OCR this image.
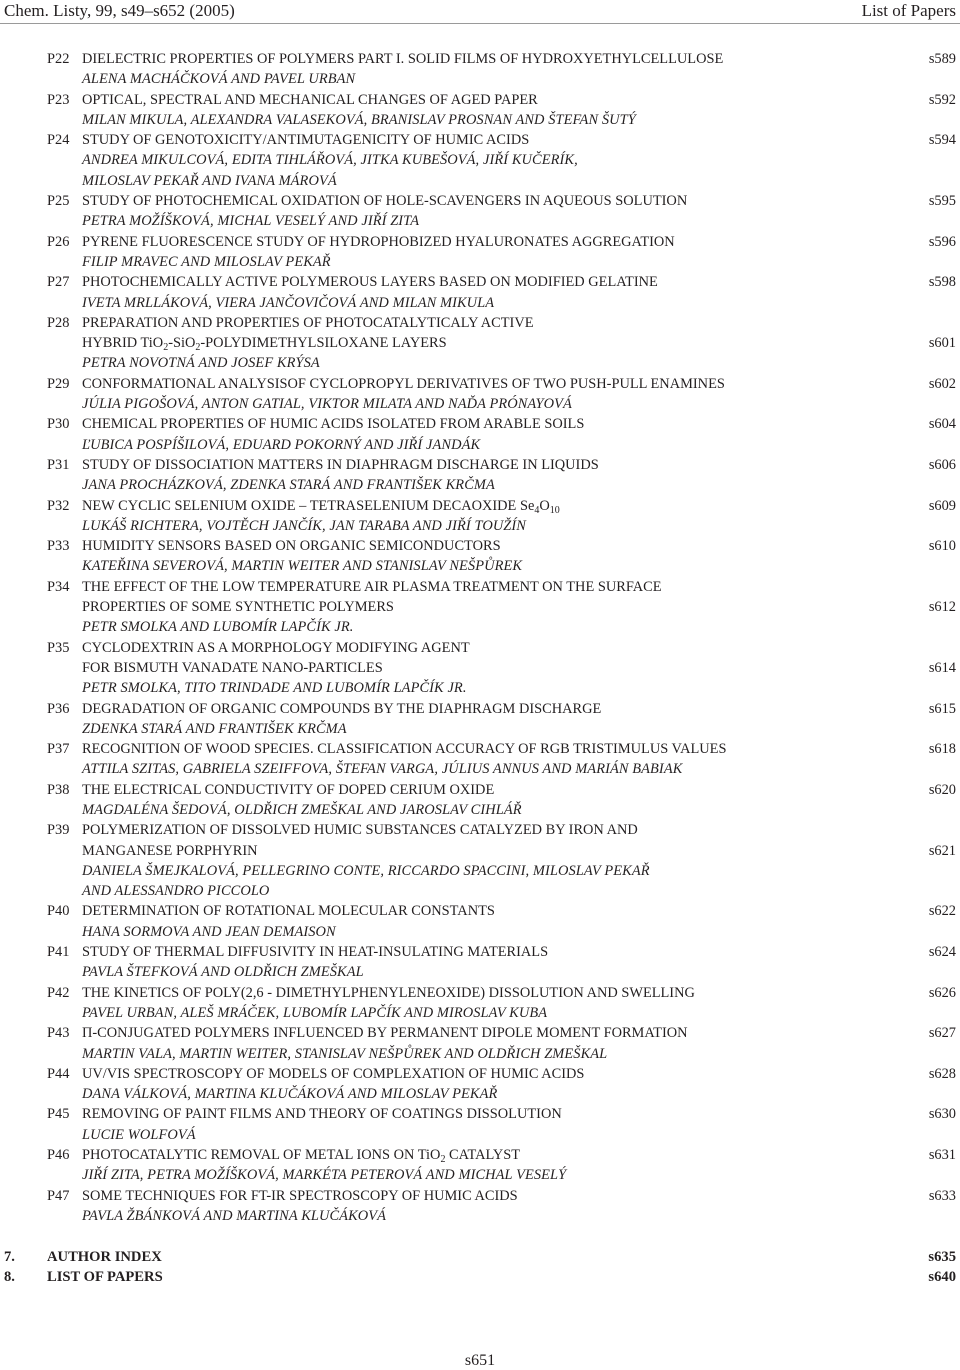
Chem. Listy, 99, s49–s652 (2005)	List of Papers
P22 DIELECTRIC PROPERTIES OF POLYMERS PART I. SOLID FILMS OF HYDROXYETHYLCELLULOSE	s589
ALENA MACHÁČKOVÁ AND PAVEL URBAN
P23 OPTICAL, SPECTRAL AND MECHANICAL CHANGES OF AGED PAPER	s592
MILAN MIKULA, ALEXANDRA VALASEKOVÁ, BRANISLAV PROSNAN AND ŠTEFAN ŠUTÝ
P24 STUDY OF GENOTOXICITY/ANTIMUTAGENICITY OF HUMIC ACIDS	s594
ANDREA MIKULCOVÁ, EDITA TIHLÁŘOVÁ, JITKA KUBEŠOVÁ, JIŘÍ KUČERÍK,
MILOSLAV PEKAŘ AND IVANA MÁROVÁ
P25 STUDY OF PHOTOCHEMICAL OXIDATION OF HOLE-SCAVENGERS IN AQUEOUS SOLUTION	s595
PETRA MOŽÍŠKOVÁ, MICHAL VESELÝ AND JIŘÍ ZITA
P26 PYRENE FLUORESCENCE STUDY OF HYDROPHOBIZED HYALURONATES AGGREGATION	s596
FILIP MRAVEC AND MILOSLAV PEKAŘ
P27 PHOTOCHEMICALLY ACTIVE POLYMEROUS LAYERS BASED ON MODIFIED GELATINE	s598
IVETA MRLLÁKOVÁ, VIERA JANČOVIČOVÁ AND MILAN MIKULA
P28 PREPARATION AND PROPERTIES OF PHOTOCATALYTICALY ACTIVE
HYBRID TiO$_2$-SiO$_2$-POLYDIMETHYLSILOXANE LAYERS	s601
PETRA NOVOTNÁ AND JOSEF KRÝSA
P29 CONFORMATIONAL ANALYSISOF CYCLOPROPYL DERIVATIVES OF TWO PUSH-PULL ENAMINES	s602
JÚLIA PIGOŠOVÁ, ANTON GATIAL, VIKTOR MILATA AND NAĎA PRÓNAYOVÁ
P30 CHEMICAL PROPERTIES OF HUMIC ACIDS ISOLATED FROM ARABLE SOILS	s604
ĽUBICA POSPÍŠILOVÁ, EDUARD POKORNÝ AND JIŘÍ JANDÁK
P31 STUDY OF DISSOCIATION MATTERS IN DIAPHRAGM DISCHARGE IN LIQUIDS	s606
JANA PROCHÁZKOVÁ, ZDENKA STARÁ AND FRANTIŠEK KRČMA
P32 NEW CYCLIC SELENIUM OXIDE – TETRASELENIUM DECAOXIDE $Se_4O_{10}$	s609
LUKÁŠ RICHTERA, VOJTĚCH JANČÍK, JAN TARABA AND JIŘÍ TOUŽÍN
P33 HUMIDITY SENSORS BASED ON ORGANIC SEMICONDUCTORS	s610
KATEŘINA SEVEROVÁ, MARTIN WEITER AND STANISLAV NEŠPŮREK
P34 THE EFFECT OF THE LOW TEMPERATURE AIR PLASMA TREATMENT ON THE SURFACE
PROPERTIES OF SOME SYNTHETIC POLYMERS	s612
PETR SMOLKA AND LUBOMÍR LAPČÍK JR.
P35 CYCLODEXTRIN AS A MORPHOLOGY MODIFYING AGENT
FOR BISMUTH VANADATE NANO-PARTICLES	s614
PETR SMOLKA, TITO TRINDADE AND LUBOMÍR LAPČÍK JR.
P36 DEGRADATION OF ORGANIC COMPOUNDS BY THE DIAPHRAGM DISCHARGE	s615
ZDENKA STARÁ AND FRANTIŠEK KRČMA
P37 RECOGNITION OF WOOD SPECIES. CLASSIFICATION ACCURACY OF RGB TRISTIMULUS VALUES	s618
ATTILA SZITAS, GABRIELA SZEIFFOVA, ŠTEFAN VARGA, JÚLIUS ANNUS AND MARIÁN BABIAK
P38 THE ELECTRICAL CONDUCTIVITY OF DOPED CERIUM OXIDE	s620
MAGDALÉNA ŠEDOVÁ, OLDŘICH ZMEŠKAL AND JAROSLAV CIHLÁŘ
P39 POLYMERIZATION OF DISSOLVED HUMIC SUBSTANCES CATALYZED BY IRON AND
MANGANESE PORPHYRIN	s621
DANIELA ŠMEJKALOVÁ, PELLEGRINO CONTE, RICCARDO SPACCINI, MILOSLAV PEKAŘ
AND ALESSANDRO PICCOLO
P40 DETERMINATION OF ROTATIONAL MOLECULAR CONSTANTS	s622
HANA SORMOVA AND JEAN DEMAISON
P41 STUDY OF THERMAL DIFFUSIVITY IN HEAT-INSULATING MATERIALS	s624
PAVLA ŠTEFKOVÁ AND OLDŘICH ZMEŠKAL
P42 THE KINETICS OF POLY(2,6 - DIMETHYLPHENYLENEOXIDE) DISSOLUTION AND SWELLING	s626
PAVEL URBAN, ALEŠ MRÁČEK, LUBOMÍR LAPČÍK AND MIROSLAV KUBA
P43 Π-CONJUGATED POLYMERS INFLUENCED BY PERMANENT DIPOLE MOMENT FORMATION	s627
MARTIN VALA, MARTIN WEITER, STANISLAV NEŠPŮREK AND OLDŘICH ZMEŠKAL
P44 UV/VIS SPECTROSCOPY OF MODELS OF COMPLEXATION OF HUMIC ACIDS	s628
DANA VÁLKOVÁ, MARTINA KLUČÁKOVÁ AND MILOSLAV PEKAŘ
P45 REMOVING OF PAINT FILMS AND THEORY OF COATINGS DISSOLUTION	s630
LUCIE WOLFOVÁ
P46 PHOTOCATALYTIC REMOVAL OF METAL IONS ON TiO$_2$ CATALYST	s631
JIŘÍ ZITA, PETRA MOŽÍŠKOVÁ, MARKÉTA PETEROVÁ AND MICHAL VESELÝ
P47 SOME TECHNIQUES FOR FT-IR SPECTROSCOPY OF HUMIC ACIDS	s633
PAVLA ŽBÁNKOVÁ AND MARTINA KLUČÁKOVÁ
7. AUTHOR INDEX	s635
8. LIST OF PAPERS	s640
s651
